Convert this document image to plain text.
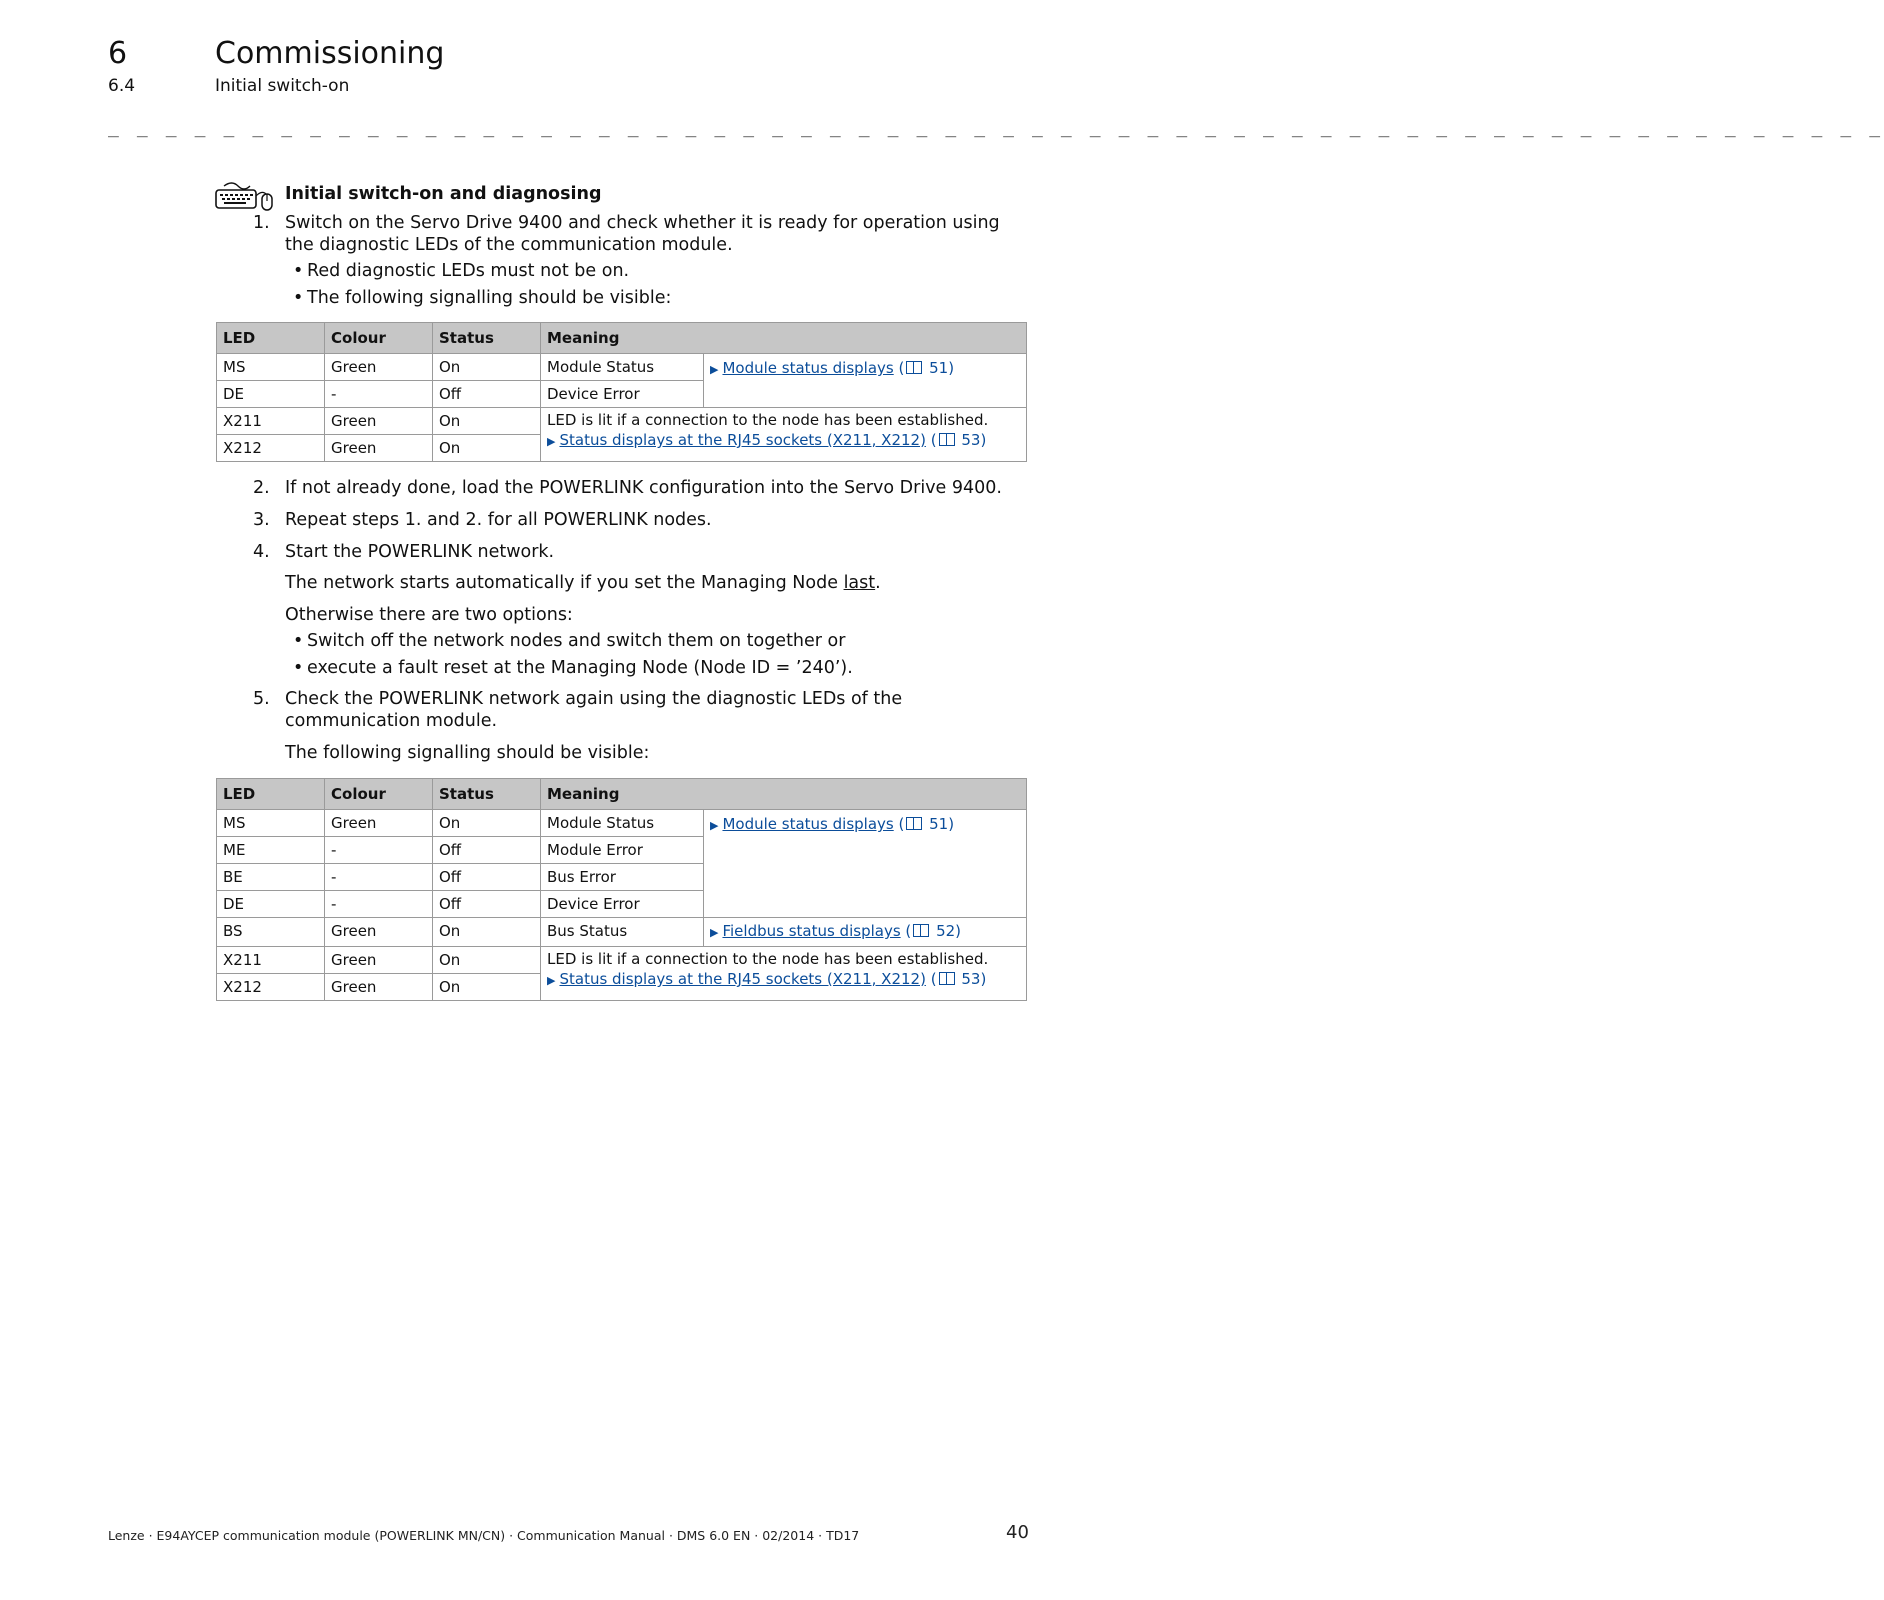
6	Commissioning
6.4	Initial switch-on
_ _ _ _ _ _ _ _ _ _ _ _ _ _ _ _ _ _ _ _ _ _ _ _ _ _ _ _ _ _ _ _ _ _ _ _ _ _ _ _ _ _ _ _ _ _ _ _ _ _ _ _ _ _ _ _ _ _ _ _ _ _
Initial switch-on and diagnosing
1. Switch on the Servo Drive 9400 and check whether it is ready for operation using the diagnostic LEDs of the communication module.
• Red diagnostic LEDs must not be on.
• The following signalling should be visible:
LED	Colour	Status	Meaning	
MS	Green	On	Module Status	▶ Module status displays ( 51)
DE	-	Off	Device Error	
X211	Green	On	LED is lit if a connection to the node has been established.
▶ Status displays at the RJ45 sockets (X211, X212) ( 53)	

X212	Green	On		
2. If not already done, load the POWERLINK configuration into the Servo Drive 9400.
3. Repeat steps 1. and 2. for all POWERLINK nodes.
4. Start the POWERLINK network.
The network starts automatically if you set the Managing Node last.
Otherwise there are two options:
• Switch off the network nodes and switch them on together or
• execute a fault reset at the Managing Node (Node ID = ’240’).
5. Check the POWERLINK network again using the diagnostic LEDs of the communication module.
The following signalling should be visible:
LED	Colour	Status	Meaning	
MS	Green	On	Module Status	▶ Module status displays ( 51)
ME	-	Off	Module Error	
BE	-	Off	Bus Error	
DE	-	Off	Device Error	
BS	Green	On	Bus Status	▶ Fieldbus status displays ( 52)
X211	Green	On	LED is lit if a connection to the node has been established.
▶ Status displays at the RJ45 sockets (X211, X212) ( 53)	

X212	Green	On		
Lenze · E94AYCEP communication module (POWERLINK MN/CN) · Communication Manual · DMS 6.0 EN · 02/2014 · TD17	40
